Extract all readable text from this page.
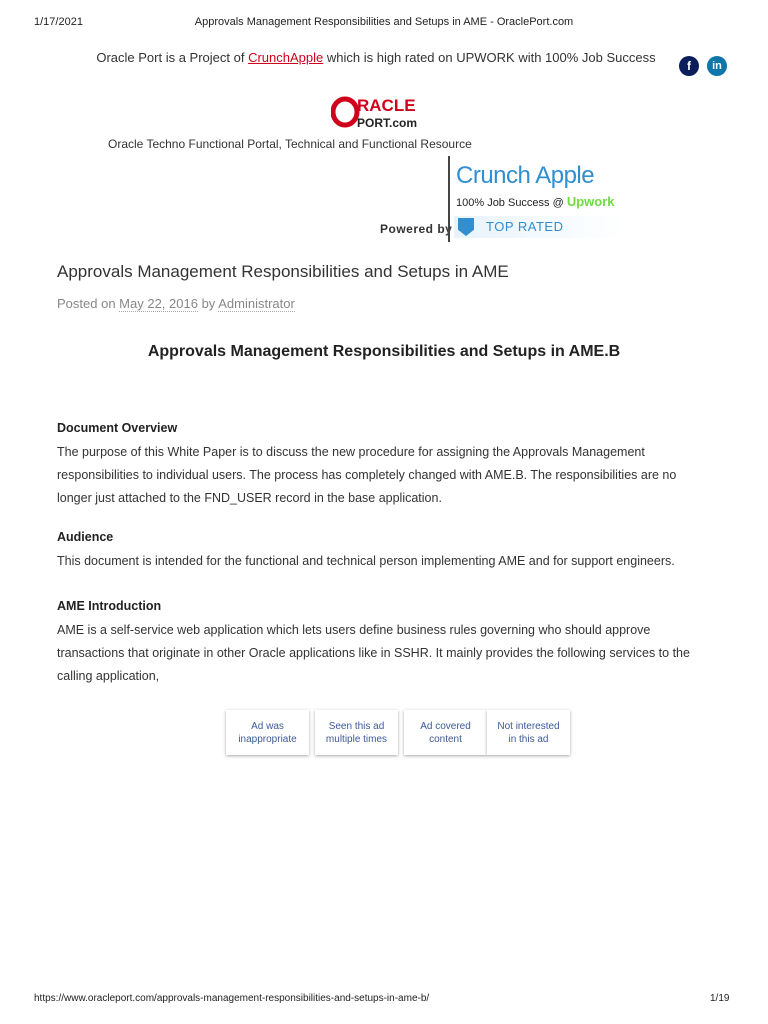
1/17/2021	Approvals Management Responsibilities and Setups in AME - OraclePort.com
Oracle Port is a Project of CrunchApple which is high rated on UPWORK with 100% Job Success
f	in
RACLE
PORT.com
Oracle Techno Functional Portal, Technical and Functional Resource
Powered by
Crunch Apple
100% Job Success @ Upwork
TOP RATED
Approvals Management Responsibilities and Setups in AME
Posted on May 22, 2016 by Administrator
Approvals Management Responsibilities and Setups in AME.B
Document Overview

The purpose of this White Paper is to discuss the new procedure for assigning the Approvals Management responsibilities to individual users. The process has completely changed with AME.B. The responsibilities are no longer just attached to the FND_USER record in the base application.

Audience

This document is intended for the functional and technical person implementing AME and for support engineers.

AME Introduction

AME is a self-service web application which lets users define business rules governing who should approve transactions that originate in other Oracle applications like in SSHR. It mainly provides the following services to the calling application,

Ad was
inappropriate
Seen this ad
multiple times
Ad covered
content
Not interested
in this ad
https://www.oracleport.com/approvals-management-responsibilities-and-setups-in-ame-b/	1/19
